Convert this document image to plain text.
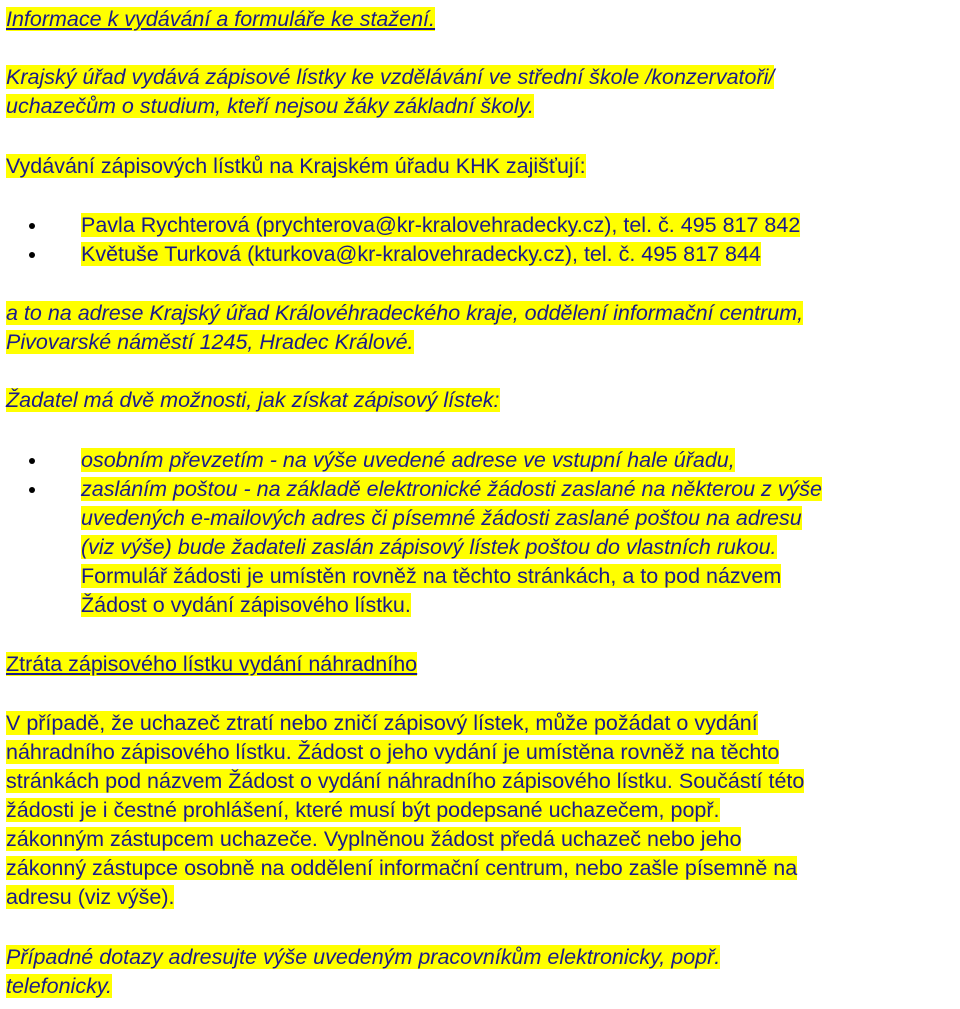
Informace k vydávání a formuláře ke stažení.
Krajský úřad vydává zápisové lístky ke vzdělávání ve střední škole /konzervatoři/
uchazečům o studium, kteří nejsou žáky základní školy.
Vydávání zápisových lístků na Krajském úřadu KHK zajišťují:
Pavla Rychterová (prychterova@kr-kralovehradecky.cz), tel. č. 495 817 842
Květuše Turková (kturkova@kr-kralovehradecky.cz), tel. č. 495 817 844
a to na adrese Krajský úřad Královéhradeckého kraje, oddělení informační centrum,
Pivovarské náměstí 1245, Hradec Králové.
Žadatel má dvě možnosti, jak získat zápisový lístek:
osobním převzetím - na výše uvedené adrese ve vstupní hale úřadu,
zasláním poštou - na základě elektronické žádosti zaslané na některou z výše
uvedených e-mailových adres či písemné žádosti zaslané poštou na adresu
(viz výše) bude žadateli zaslán zápisový lístek poštou do vlastních rukou.
Formulář žádosti je umístěn rovněž na těchto stránkách, a to pod názvem
Žádost o vydání zápisového lístku.
Ztráta zápisového lístku vydání náhradního
V případě, že uchazeč ztratí nebo zničí zápisový lístek, může požádat o vydání
náhradního zápisového lístku. Žádost o jeho vydání je umístěna rovněž na těchto
stránkách pod názvem Žádost o vydání náhradního zápisového lístku. Součástí této
žádosti je i čestné prohlášení, které musí být podepsané uchazečem, popř.
zákonným zástupcem uchazeče. Vyplněnou žádost předá uchazeč nebo jeho
zákonný zástupce osobně na oddělení informační centrum, nebo zašle písemně na
adresu (viz výše).
Případné dotazy adresujte výše uvedeným pracovníkům elektronicky, popř.
telefonicky.
